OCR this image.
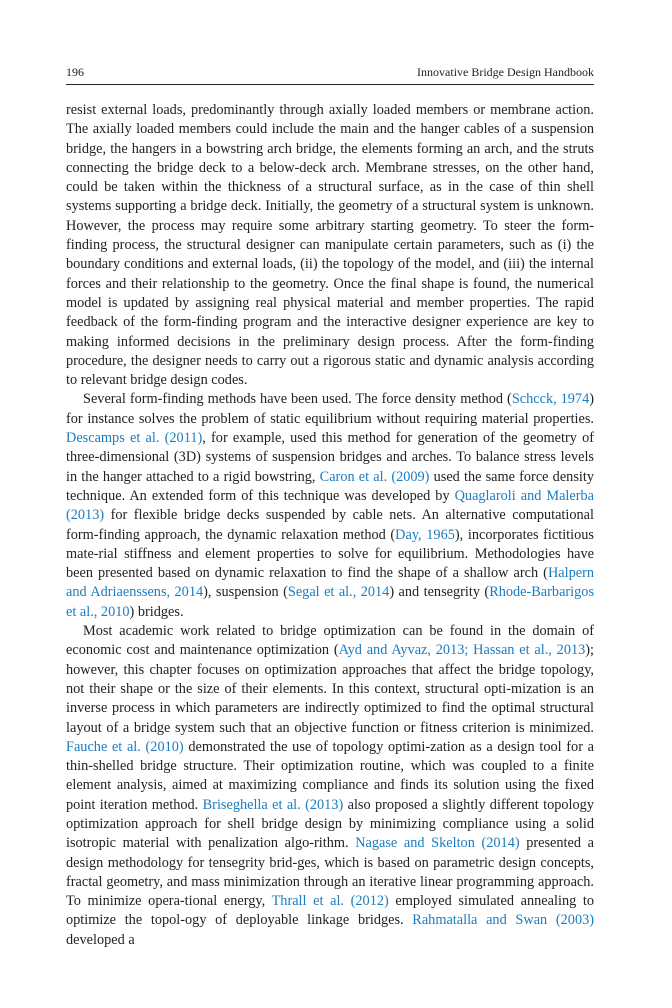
196	Innovative Bridge Design Handbook

resist external loads, predominantly through axially loaded members or membrane action. The axially loaded members could include the main and the hanger cables of a suspension bridge, the hangers in a bowstring arch bridge, the elements forming an arch, and the struts connecting the bridge deck to a below-deck arch. Membrane stresses, on the other hand, could be taken within the thickness of a structural surface, as in the case of thin shell systems supporting a bridge deck. Initially, the geometry of a structural system is unknown. However, the process may require some arbitrary starting geometry. To steer the form-finding process, the structural designer can manipulate certain parameters, such as (i) the boundary conditions and external loads, (ii) the topology of the model, and (iii) the internal forces and their relationship to the geometry. Once the final shape is found, the numerical model is updated by assigning real physical material and member properties. The rapid feedback of the form-finding program and the interactive designer experience are key to making informed decisions in the preliminary design process. After the form-finding procedure, the designer needs to carry out a rigorous static and dynamic analysis according to relevant bridge design codes.

Several form-finding methods have been used. The force density method (Schcck, 1974) for instance solves the problem of static equilibrium without requiring material properties. Descamps et al. (2011), for example, used this method for generation of the geometry of three-dimensional (3D) systems of suspension bridges and arches. To balance stress levels in the hanger attached to a rigid bowstring, Caron et al. (2009) used the same force density technique. An extended form of this technique was developed by Quaglaroli and Malerba (2013) for flexible bridge decks suspended by cable nets. An alternative computational form-finding approach, the dynamic relaxation method (Day, 1965), incorporates fictitious mate-rial stiffness and element properties to solve for equilibrium. Methodologies have been presented based on dynamic relaxation to find the shape of a shallow arch (Halpern and Adriaenssens, 2014), suspension (Segal et al., 2014) and tensegrity (Rhode-Barbarigos et al., 2010) bridges.

Most academic work related to bridge optimization can be found in the domain of economic cost and maintenance optimization (Ayd and Ayvaz, 2013; Hassan et al., 2013); however, this chapter focuses on optimization approaches that affect the bridge topology, not their shape or the size of their elements. In this context, structural opti-mization is an inverse process in which parameters are indirectly optimized to find the optimal structural layout of a bridge system such that an objective function or fitness criterion is minimized. Fauche et al. (2010) demonstrated the use of topology optimi-zation as a design tool for a thin-shelled bridge structure. Their optimization routine, which was coupled to a finite element analysis, aimed at maximizing compliance and finds its solution using the fixed point iteration method. Briseghella et al. (2013) also proposed a slightly different topology optimization approach for shell bridge design by minimizing compliance using a solid isotropic material with penalization algo-rithm. Nagase and Skelton (2014) presented a design methodology for tensegrity brid-ges, which is based on parametric design concepts, fractal geometry, and mass minimization through an iterative linear programming approach. To minimize opera-tional energy, Thrall et al. (2012) employed simulated annealing to optimize the topol-ogy of deployable linkage bridges. Rahmatalla and Swan (2003) developed a
